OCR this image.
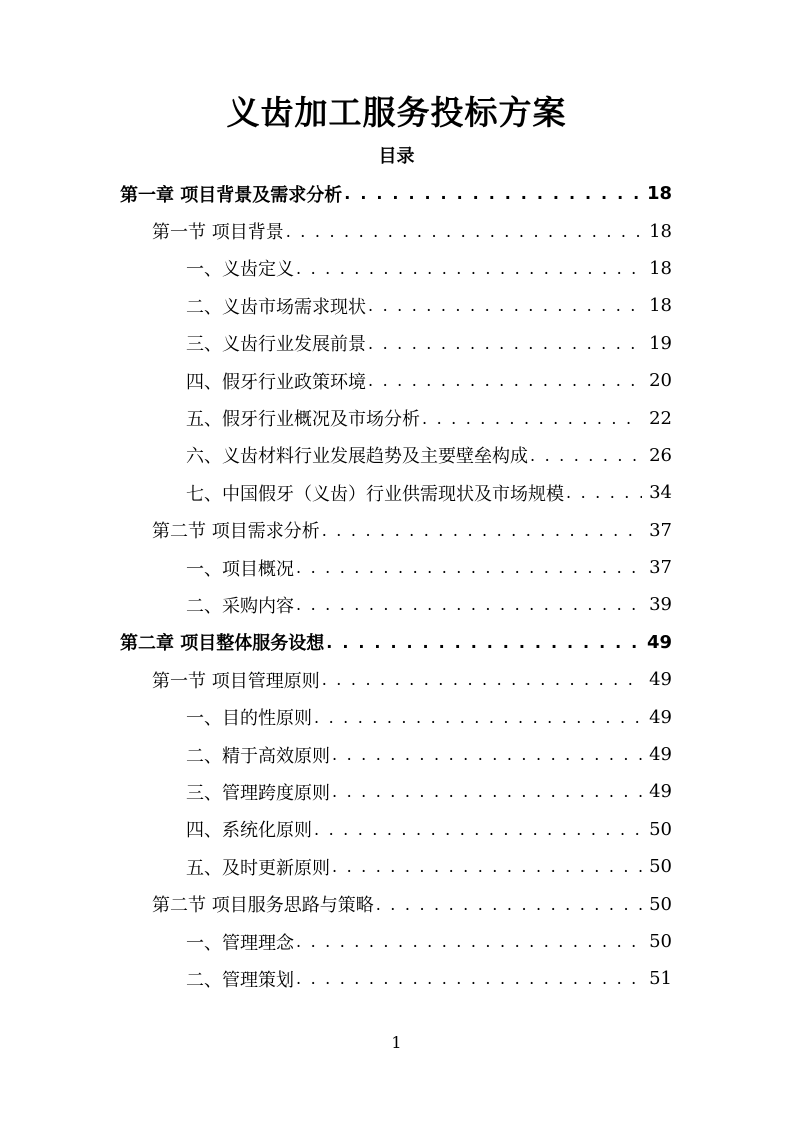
义齿加工服务投标方案
目录
第一章 项目背景及需求分析 . . .	18
第一节 项目背景 . . .	18
一、义齿定义 . . .	18
二、义齿市场需求现状 . . .	18
三、义齿行业发展前景 . . .	19
四、假牙行业政策环境 . . .	20
五、假牙行业概况及市场分析 . . .	22
六、义齿材料行业发展趋势及主要壁垒构成 . . .	26
七、中国假牙（义齿）行业供需现状及市场规模 . . .	34
第二节 项目需求分析 . . .	37
一、项目概况 . . .	37
二、采购内容 . . .	39
第二章 项目整体服务设想 . . .	49
第一节 项目管理原则 . . .	49
一、目的性原则 . . .	49
二、精于高效原则 . . .	49
三、管理跨度原则 . . .	49
四、系统化原则 . . .	50
五、及时更新原则 . . .	50
第二节 项目服务思路与策略 . . .	50
一、管理理念 . . .	50
二、管理策划 . . .	51
1
